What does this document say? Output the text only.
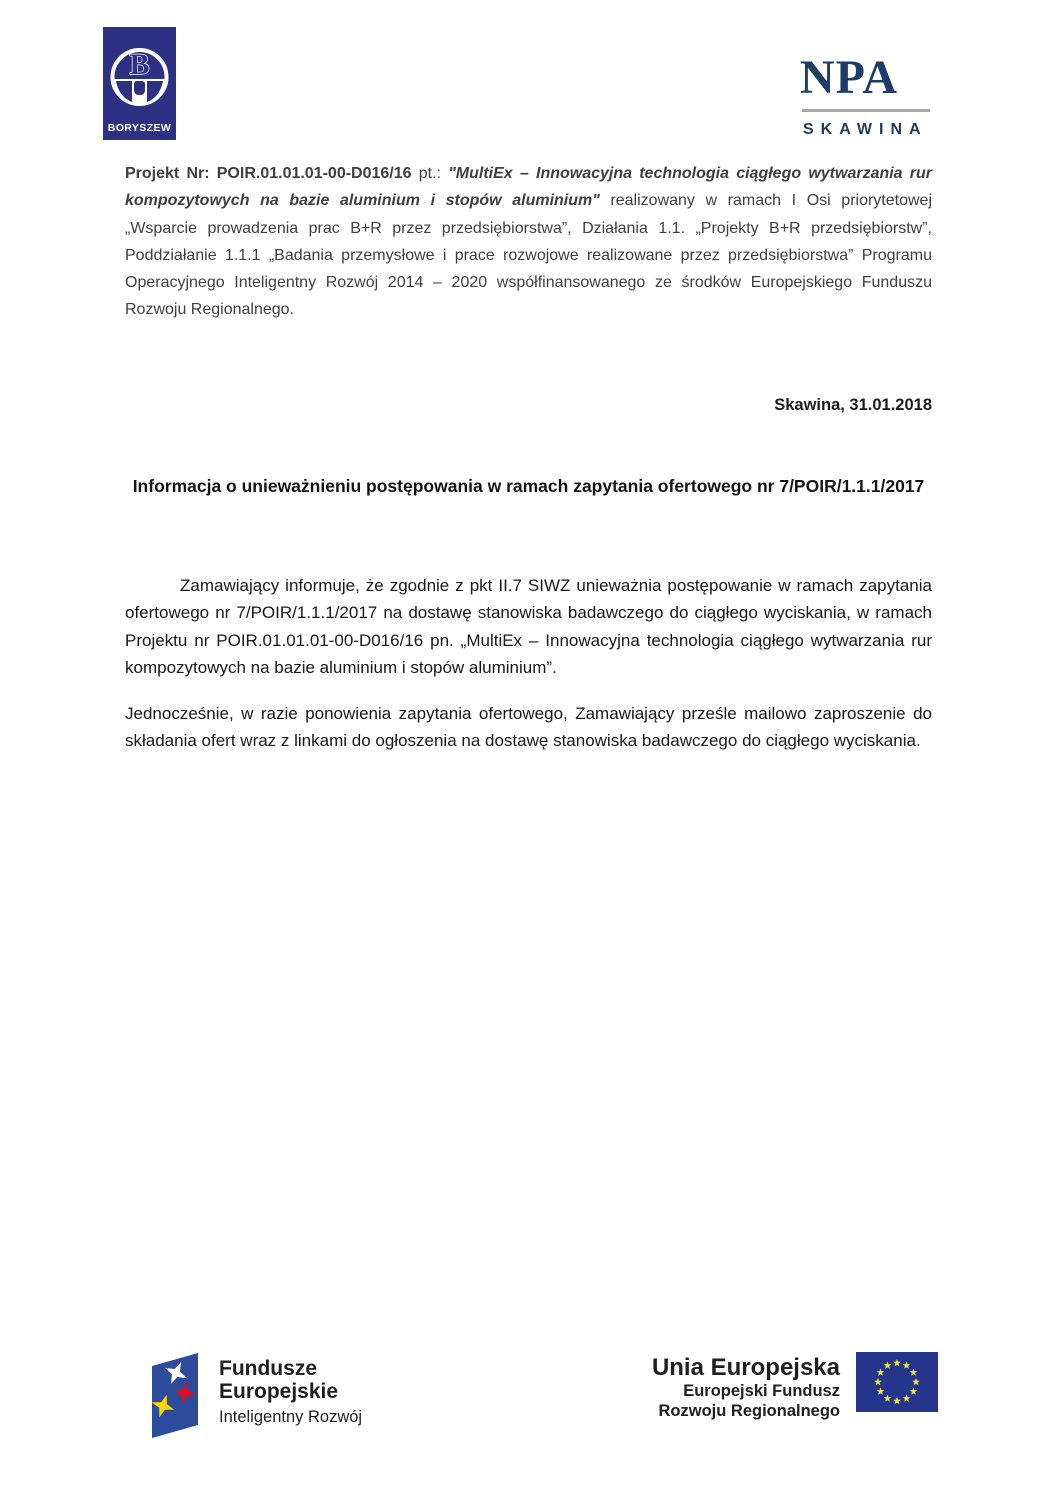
B
BORYSZEW
NPA
SKAWINA

Projekt Nr: POIR.01.01.01-00-D016/16 pt.: "MultiEx – Innowacyjna technologia ciągłego wytwarzania rur kompozytowych na bazie aluminium i stopów aluminium" realizowany w ramach I Osi priorytetowej „Wsparcie prowadzenia prac B+R przez przedsiębiorstwa”, Działania 1.1. „Projekty B+R przedsiębiorstw”, Poddziałanie 1.1.1 „Badania przemysłowe i prace rozwojowe realizowane przez przedsiębiorstwa” Programu Operacyjnego Inteligentny Rozwój 2014 – 2020 współfinansowanego ze środków Europejskiego Funduszu Rozwoju Regionalnego.

Skawina, 31.01.2018

Informacja o unieważnieniu postępowania w ramach zapytania ofertowego nr 7/POIR/1.1.1/2017

Zamawiający informuje, że zgodnie z pkt II.7 SIWZ unieważnia postępowanie w ramach zapytania ofertowego nr 7/POIR/1.1.1/2017 na dostawę stanowiska badawczego do ciągłego wyciskania, w ramach Projektu nr POIR.01.01.01-00-D016/16 pn. „MultiEx – Innowacyjna technologia ciągłego wytwarzania rur kompozytowych na bazie aluminium i stopów aluminium”.

Jednocześnie, w razie ponowienia zapytania ofertowego, Zamawiający prześle mailowo zaproszenie do składania ofert wraz z linkami do ogłoszenia na dostawę stanowiska badawczego do ciągłego wyciskania.

Fundusze
Europejskie
Inteligentny Rozwój
Unia Europejska
Europejski Fundusz
Rozwoju Regionalnego
